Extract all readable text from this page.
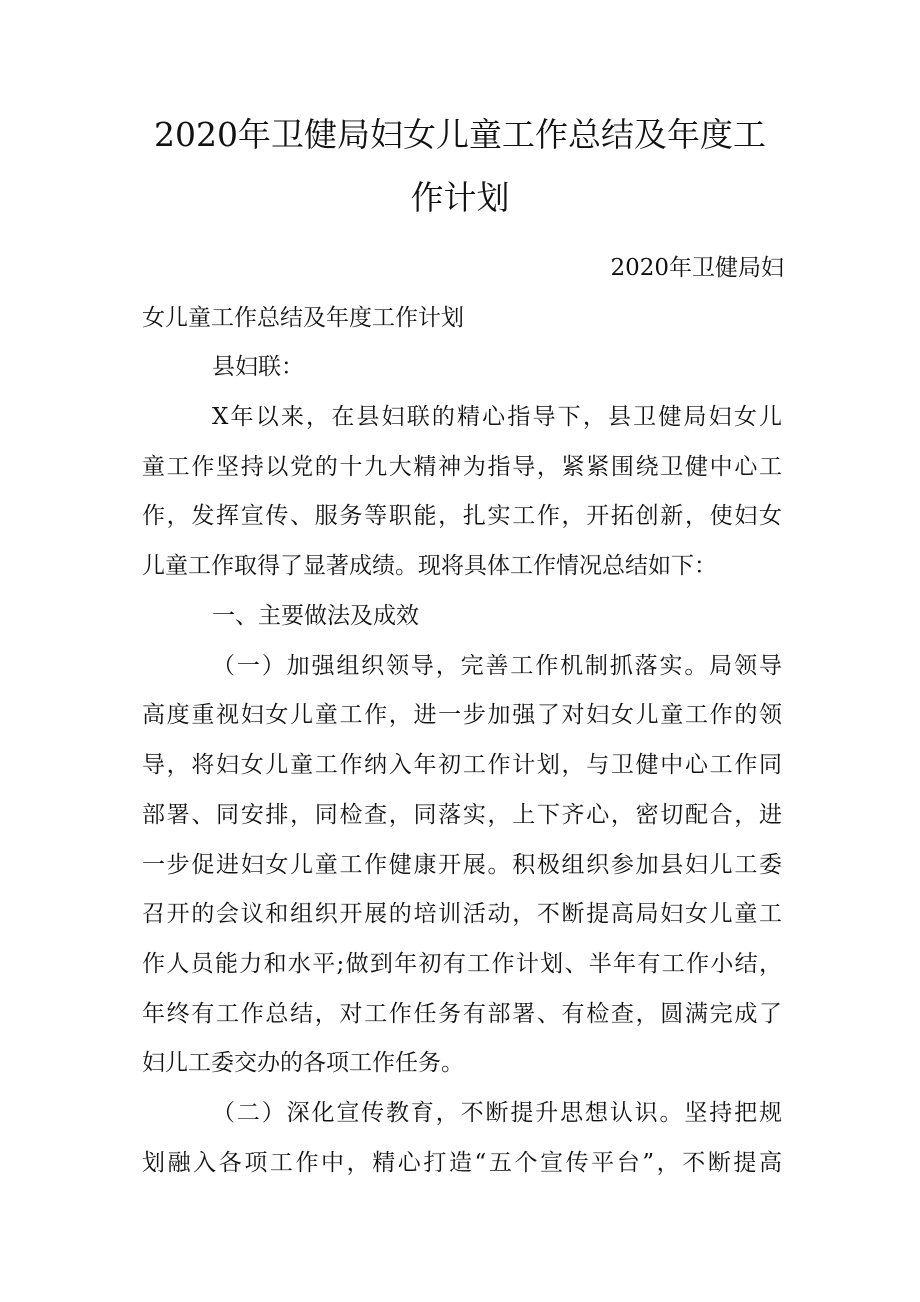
2020年卫健局妇女儿童工作总结及年度工
作计划
2020年卫健局妇
女儿童工作总结及年度工作计划
县妇联：
X年以来，在县妇联的精心指导下，县卫健局妇女儿
童工作坚持以党的十九大精神为指导，紧紧围绕卫健中心工
作，发挥宣传、服务等职能，扎实工作，开拓创新，使妇女
儿童工作取得了显著成绩。现将具体工作情况总结如下：
一、主要做法及成效
（一）加强组织领导，完善工作机制抓落实。局领导
高度重视妇女儿童工作，进一步加强了对妇女儿童工作的领
导，将妇女儿童工作纳入年初工作计划，与卫健中心工作同
部署、同安排，同检查，同落实，上下齐心，密切配合，进
一步促进妇女儿童工作健康开展。积极组织参加县妇儿工委
召开的会议和组织开展的培训活动，不断提高局妇女儿童工
作人员能力和水平;做到年初有工作计划、半年有工作小结，
年终有工作总结，对工作任务有部署、有检查，圆满完成了
妇儿工委交办的各项工作任务。
（二）深化宣传教育，不断提升思想认识。坚持把规
划融入各项工作中，精心打造“五个宣传平台”，不断提高
